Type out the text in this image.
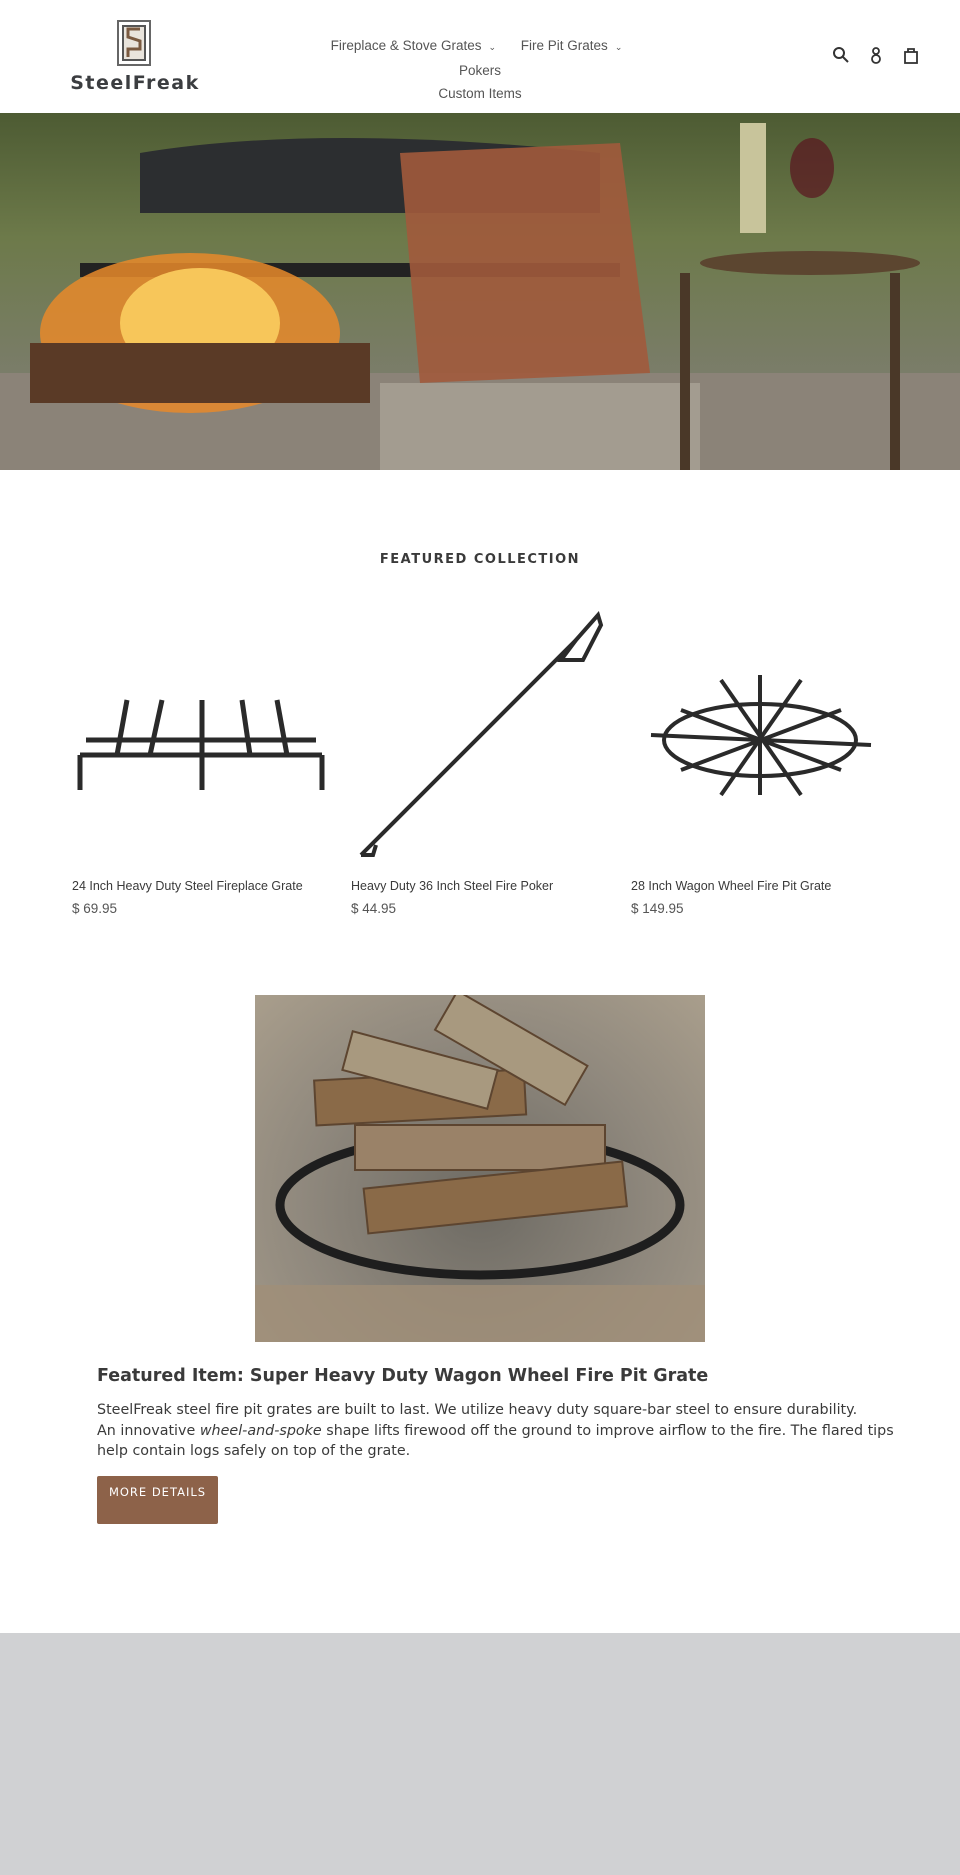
SteelFreak
Fireplace & Stove Grates ⌄ Fire Pit Grates ⌄ Pokers
Custom Items
FEATURED COLLECTION
24 Inch Heavy Duty Steel Fireplace Grate
$ 69.95
Heavy Duty 36 Inch Steel Fire Poker
$ 44.95
28 Inch Wagon Wheel Fire Pit Grate
$ 149.95
Featured Item: Super Heavy Duty Wagon Wheel Fire Pit Grate
SteelFreak steel fire pit grates are built to last. We utilize heavy duty square-bar steel to ensure durability.
An innovative wheel-and-spoke shape lifts firewood off the ground to improve airflow to the fire. The flared tips help contain logs safely on top of the grate.
MORE DETAILS
